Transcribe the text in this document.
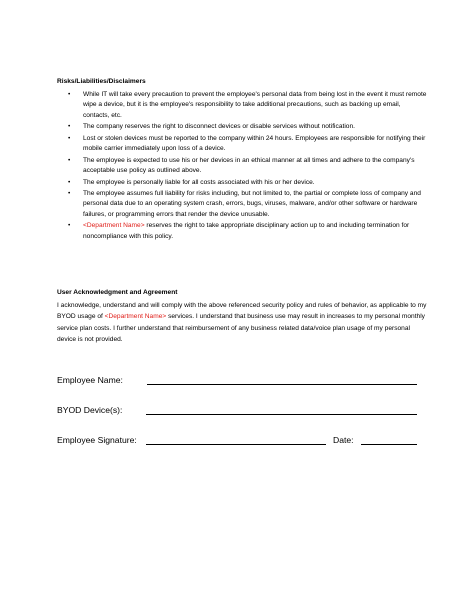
Risks/Liabilities/Disclaimers
• While IT will take every precaution to prevent the employee's personal data from being lost in the event it must remote wipe a device, but it is the employee's responsibility to take additional precautions, such as backing up email, contacts, etc.
• The company reserves the right to disconnect devices or disable services without notification.
• Lost or stolen devices must be reported to the company within 24 hours. Employees are responsible for notifying their mobile carrier immediately upon loss of a device.
• The employee is expected to use his or her devices in an ethical manner at all times and adhere to the company's acceptable use policy as outlined above.
• The employee is personally liable for all costs associated with his or her device.
• The employee assumes full liability for risks including, but not limited to, the partial or complete loss of company and personal data due to an operating system crash, errors, bugs, viruses, malware, and/or other software or hardware failures, or programming errors that render the device unusable.
• <Department Name> reserves the right to take appropriate disciplinary action up to and including termination for noncompliance with this policy.
User Acknowledgment and Agreement
I acknowledge, understand and will comply with the above referenced security policy and rules of behavior, as applicable to my BYOD usage of <Department Name> services. I understand that business use may result in increases to my personal monthly service plan costs. I further understand that reimbursement of any business related data/voice plan usage of my personal device is not provided.
Employee Name:
BYOD Device(s):
Employee Signature:	Date:
